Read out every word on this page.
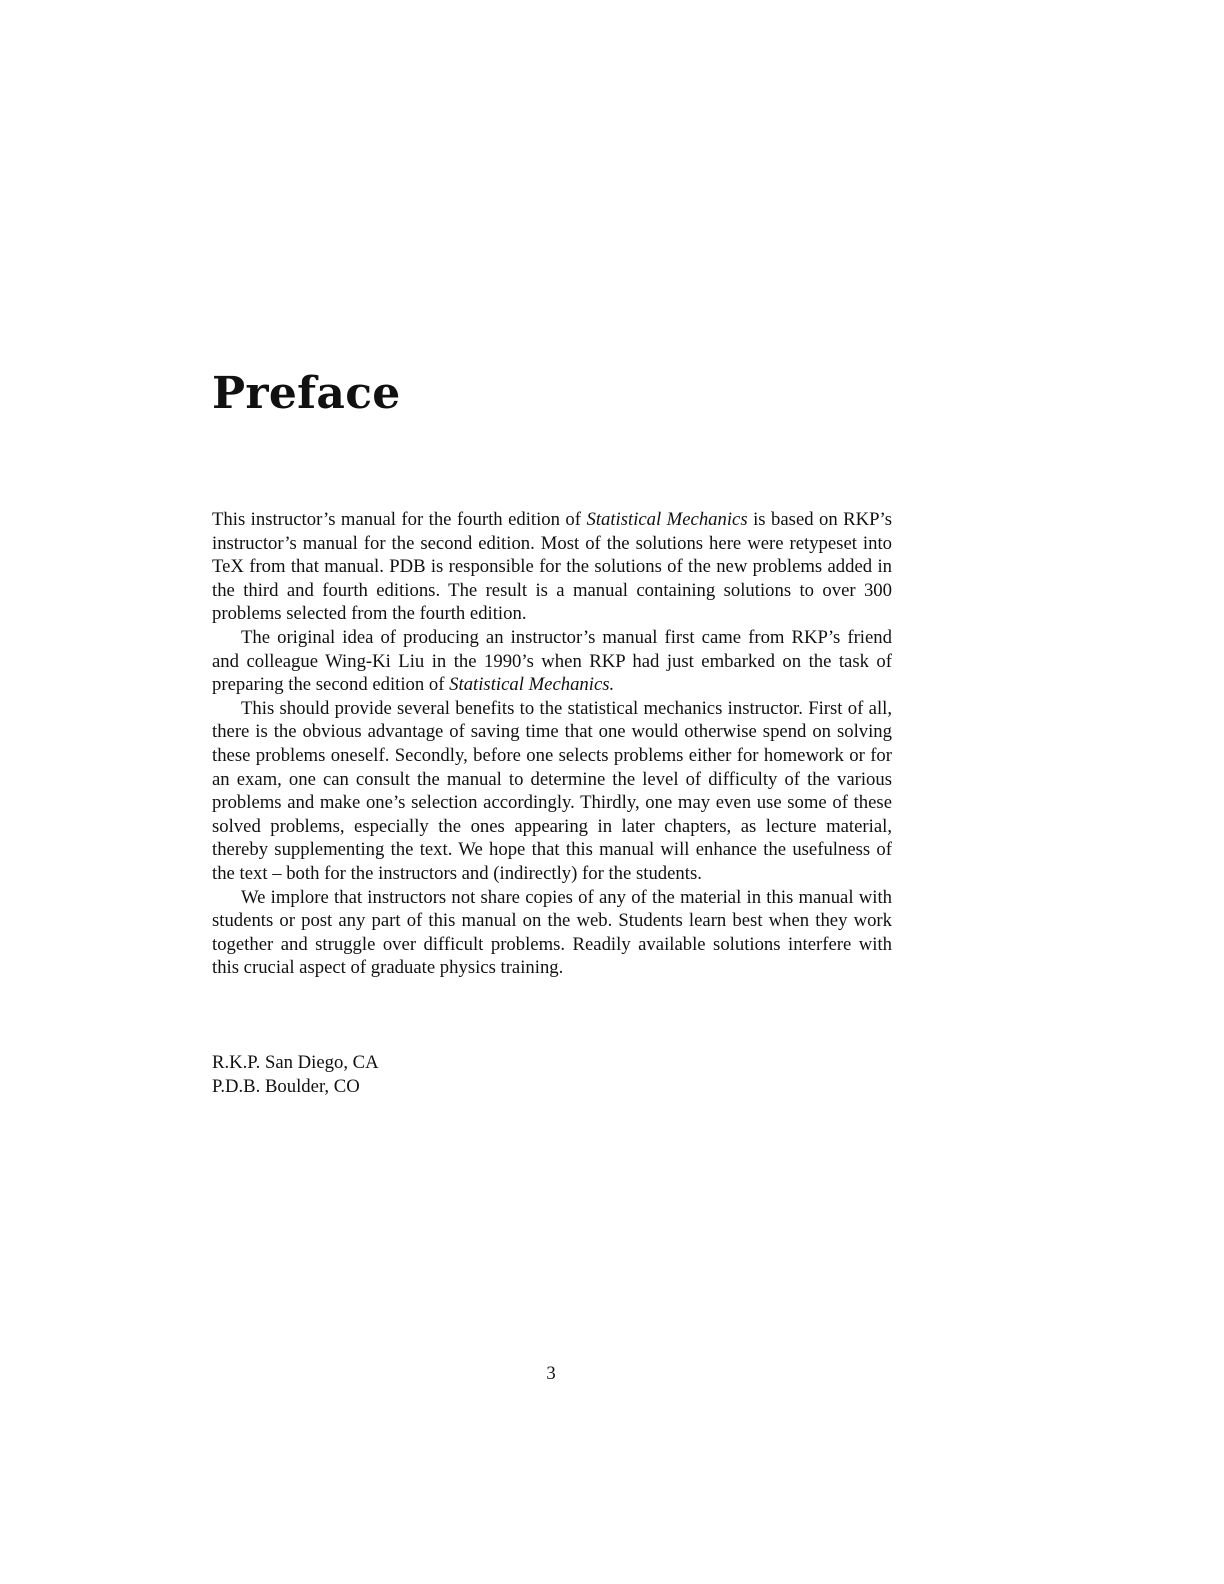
Preface

This instructor’s manual for the fourth edition of Statistical Mechanics is based on RKP’s instructor’s manual for the second edition. Most of the solutions here were retypeset into TeX from that manual. PDB is responsible for the solutions of the new problems added in the third and fourth editions. The result is a manual containing solutions to over 300 problems selected from the fourth edition.

The original idea of producing an instructor’s manual first came from RKP’s friend and colleague Wing-Ki Liu in the 1990’s when RKP had just embarked on the task of preparing the second edition of Statistical Mechanics.

This should provide several benefits to the statistical mechanics instructor. First of all, there is the obvious advantage of saving time that one would otherwise spend on solving these problems oneself. Secondly, before one selects problems either for homework or for an exam, one can consult the manual to determine the level of difficulty of the various problems and make one’s selection accordingly. Thirdly, one may even use some of these solved problems, especially the ones appearing in later chapters, as lecture material, thereby supplementing the text. We hope that this manual will enhance the usefulness of the text – both for the instructors and (indirectly) for the students.

We implore that instructors not share copies of any of the material in this manual with students or post any part of this manual on the web. Students learn best when they work together and struggle over difficult problems. Readily available solutions interfere with this crucial aspect of graduate physics training.

R.K.P. San Diego, CA
P.D.B. Boulder, CO
3
